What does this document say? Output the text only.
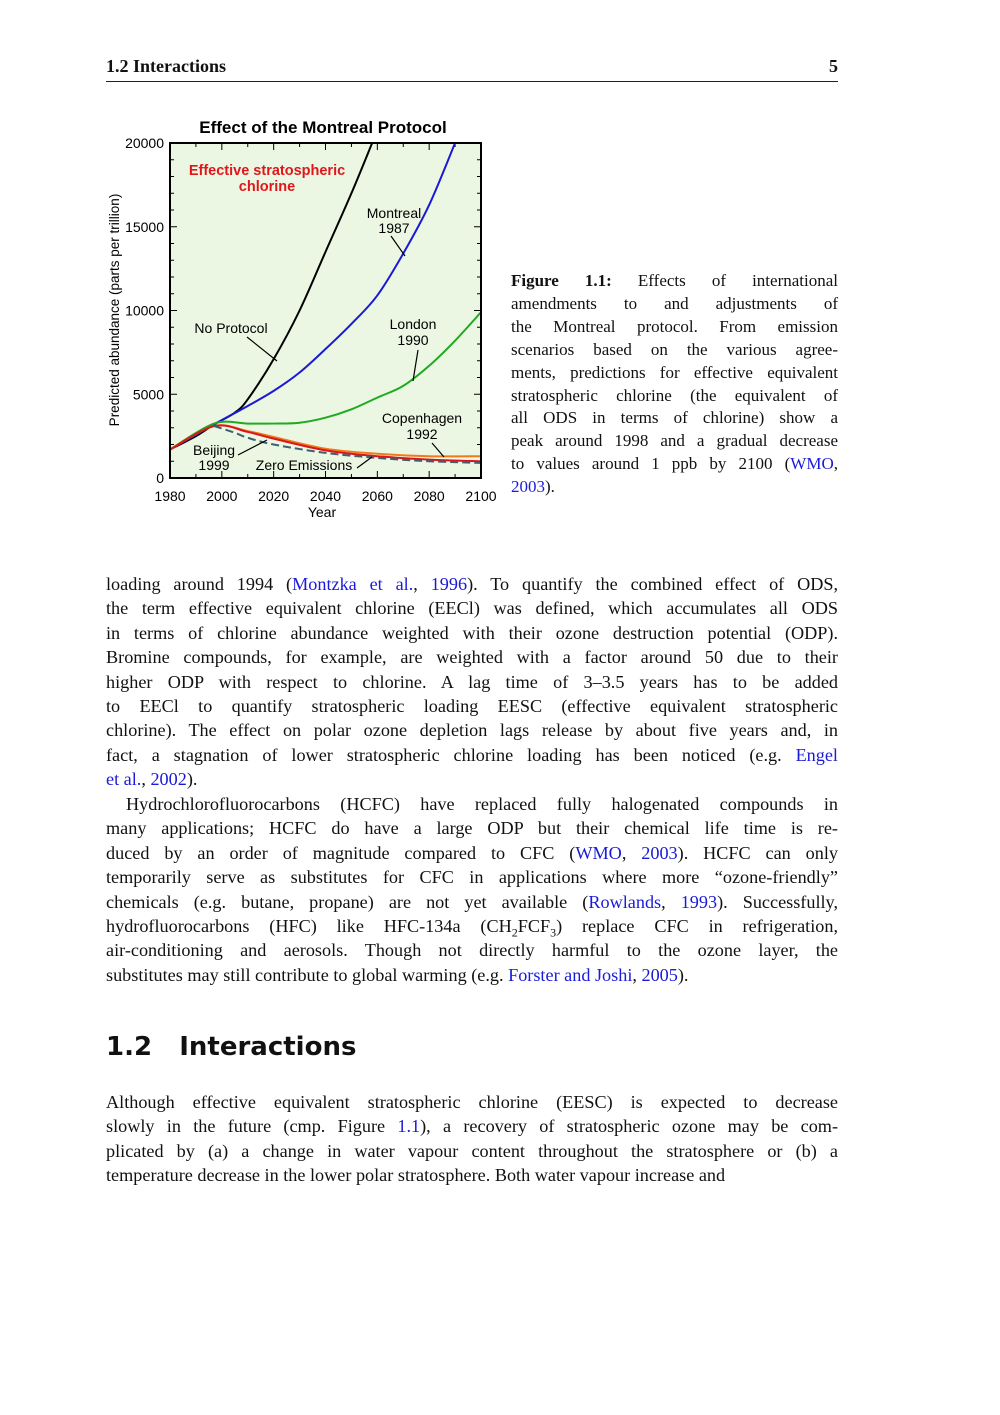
1.2 Interactions	5
1980 2000 2020 2040 2060 2080 2100
0
5000
10000
15000
20000
No Protocol
Montreal
1987
London
1990
Copenhagen
1992
Beijing
1999 Zero Emissions
Effect of the Montreal Protocol
Effective stratospheric
chlorine
Year
Predicted abundance (parts per trillion)	Figure 1.1: Effects of international
amendments to and adjustments of
the Montreal protocol. From emission
scenarios based on the various agree-
ments, predictions for effective equivalent
stratospheric chlorine (the equivalent of
all ODS in terms of chlorine) show a
peak around 1998 and a gradual decrease
to values around 1 ppb by 2100 (WMO,
2003).
loading around 1994 (Montzka et al., 1996). To quantify the combined effect of ODS,
the term effective equivalent chlorine (EECl) was defined, which accumulates all ODS
in terms of chlorine abundance weighted with their ozone destruction potential (ODP).
Bromine compounds, for example, are weighted with a factor around 50 due to their
higher ODP with respect to chlorine. A lag time of 3–3.5 years has to be added
to EECl to quantify stratospheric loading EESC (effective equivalent stratospheric
chlorine). The effect on polar ozone depletion lags release by about five years and, in
fact, a stagnation of lower stratospheric chlorine loading has been noticed (e.g. Engel
et al., 2002).
Hydrochlorofluorocarbons (HCFC) have replaced fully halogenated compounds in
many applications; HCFC do have a large ODP but their chemical life time is re-
duced by an order of magnitude compared to CFC (WMO, 2003). HCFC can only
temporarily serve as substitutes for CFC in applications where more “ozone-friendly”
chemicals (e.g. butane, propane) are not yet available (Rowlands, 1993). Successfully,
hydrofluorocarbons (HFC) like HFC-134a $(CH_2FCF_3)$ replace CFC in refrigeration,
air-conditioning and aerosols. Though not directly harmful to the ozone layer, the
substitutes may still contribute to global warming (e.g. Forster and Joshi, 2005).
1.2   Interactions
Although effective equivalent stratospheric chlorine (EESC) is expected to decrease
slowly in the future (cmp. Figure 1.1), a recovery of stratospheric ozone may be com-
plicated by (a) a change in water vapour content throughout the stratosphere or (b) a
temperature decrease in the lower polar stratosphere. Both water vapour increase and
